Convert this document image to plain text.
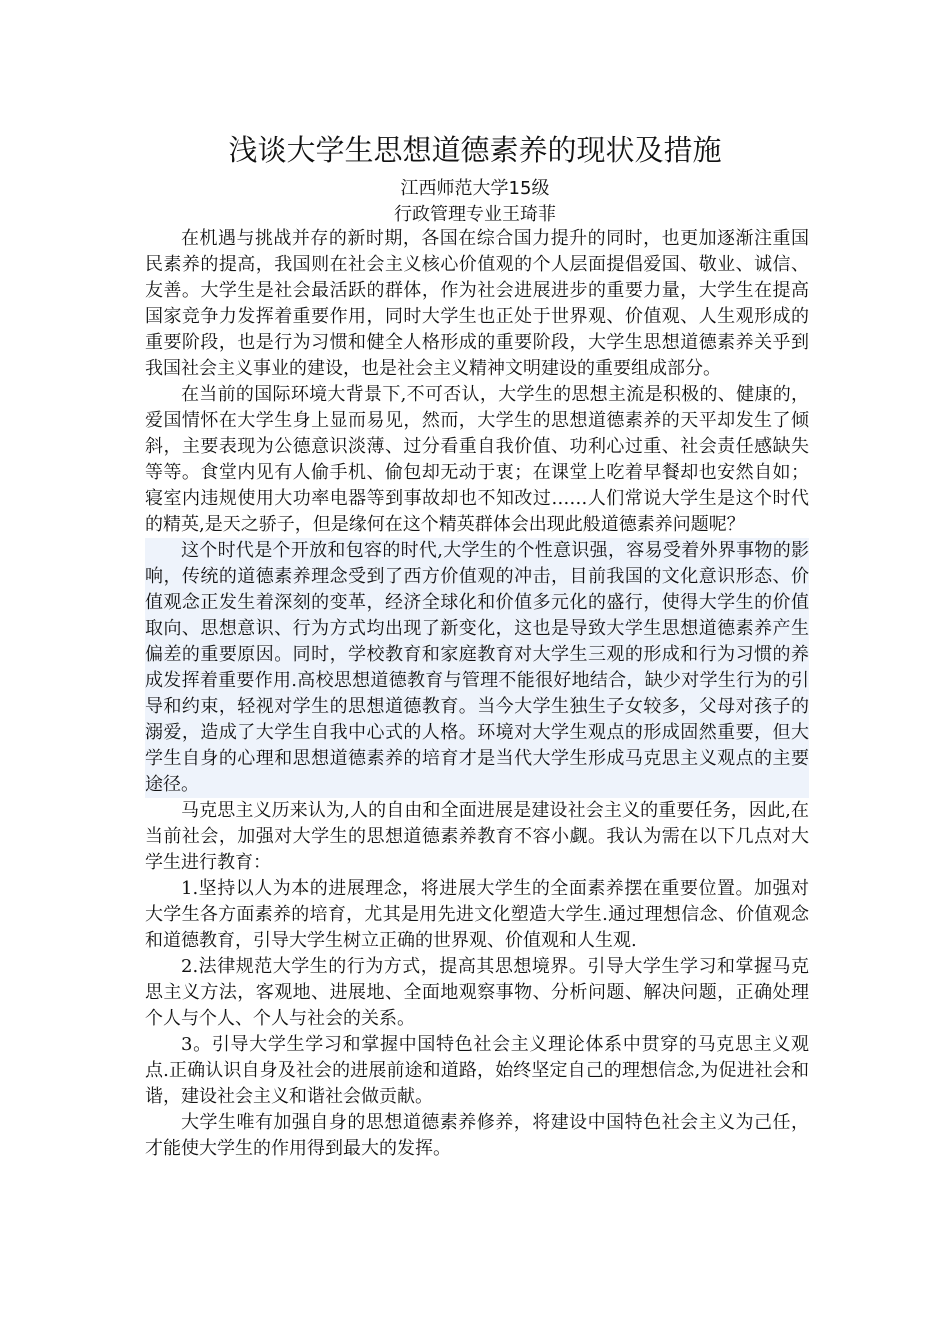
浅谈大学生思想道德素养的现状及措施
江西师范大学15级
行政管理专业王琦菲

在机遇与挑战并存的新时期，各国在综合国力提升的同时，也更加逐渐注重国民素养的提高，我国则在社会主义核心价值观的个人层面提倡爱国、敬业、诚信、友善。大学生是社会最活跃的群体，作为社会进展进步的重要力量，大学生在提高国家竞争力发挥着重要作用，同时大学生也正处于世界观、价值观、人生观形成的重要阶段，也是行为习惯和健全人格形成的重要阶段，大学生思想道德素养关乎到我国社会主义事业的建设，也是社会主义精神文明建设的重要组成部分。

在当前的国际环境大背景下,不可否认，大学生的思想主流是积极的、健康的，爱国情怀在大学生身上显而易见，然而，大学生的思想道德素养的天平却发生了倾斜，主要表现为公德意识淡薄、过分看重自我价值、功利心过重、社会责任感缺失等等。食堂内见有人偷手机、偷包却无动于衷；在课堂上吃着早餐却也安然自如；寝室内违规使用大功率电器等到事故却也不知改过……人们常说大学生是这个时代的精英,是天之骄子，但是缘何在这个精英群体会出现此般道德素养问题呢？

这个时代是个开放和包容的时代,大学生的个性意识强，容易受着外界事物的影响，传统的道德素养理念受到了西方价值观的冲击，目前我国的文化意识形态、价值观念正发生着深刻的变革，经济全球化和价值多元化的盛行，使得大学生的价值取向、思想意识、行为方式均出现了新变化，这也是导致大学生思想道德素养产生偏差的重要原因。同时，学校教育和家庭教育对大学生三观的形成和行为习惯的养成发挥着重要作用.高校思想道德教育与管理不能很好地结合，缺少对学生行为的引导和约束，轻视对学生的思想道德教育。当今大学生独生子女较多，父母对孩子的溺爱，造成了大学生自我中心式的人格。环境对大学生观点的形成固然重要，但大学生自身的心理和思想道德素养的培育才是当代大学生形成马克思主义观点的主要途径。

马克思主义历来认为,人的自由和全面进展是建设社会主义的重要任务，因此,在当前社会，加强对大学生的思想道德素养教育不容小觑。我认为需在以下几点对大学生进行教育：

1.坚持以人为本的进展理念，将进展大学生的全面素养摆在重要位置。加强对大学生各方面素养的培育，尤其是用先进文化塑造大学生.通过理想信念、价值观念和道德教育，引导大学生树立正确的世界观、价值观和人生观.

2.法律规范大学生的行为方式，提高其思想境界。引导大学生学习和掌握马克思主义方法，客观地、进展地、全面地观察事物、分析问题、解决问题，正确处理个人与个人、个人与社会的关系。

3。引导大学生学习和掌握中国特色社会主义理论体系中贯穿的马克思主义观点.正确认识自身及社会的进展前途和道路，始终坚定自己的理想信念,为促进社会和谐，建设社会主义和谐社会做贡献。

大学生唯有加强自身的思想道德素养修养，将建设中国特色社会主义为己任，才能使大学生的作用得到最大的发挥。
